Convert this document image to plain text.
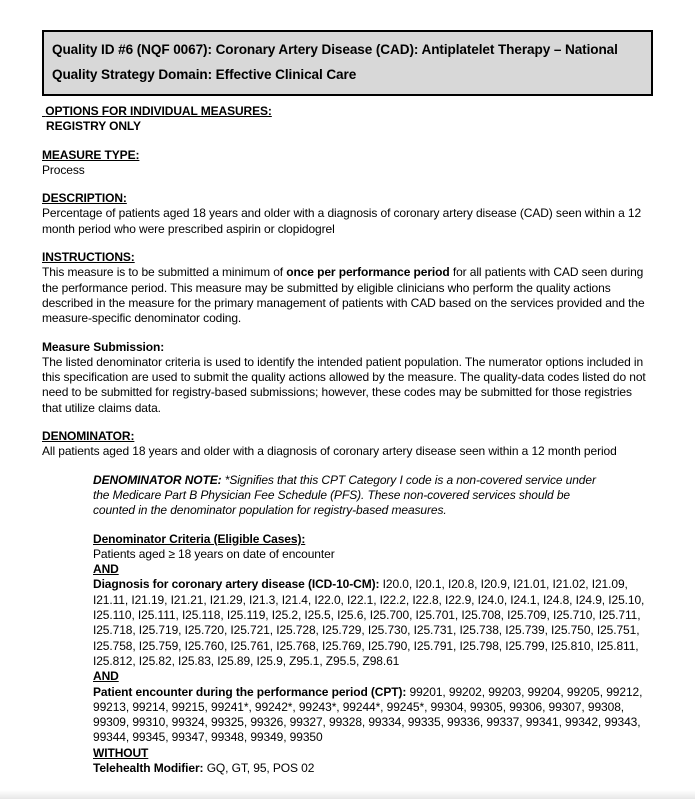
Quality ID #6 (NQF 0067): Coronary Artery Disease (CAD): Antiplatelet Therapy – National Quality Strategy Domain: Effective Clinical Care
OPTIONS FOR INDIVIDUAL MEASURES:
REGISTRY ONLY
MEASURE TYPE:
Process
DESCRIPTION:

Percentage of patients aged 18 years and older with a diagnosis of coronary artery disease (CAD) seen within a 12 month period who were prescribed aspirin or clopidogrel

INSTRUCTIONS:

This measure is to be submitted a minimum of once per performance period for all patients with CAD seen during the performance period. This measure may be submitted by eligible clinicians who perform the quality actions described in the measure for the primary management of patients with CAD based on the services provided and the measure-specific denominator coding.

Measure Submission:

The listed denominator criteria is used to identify the intended patient population. The numerator options included in this specification are used to submit the quality actions allowed by the measure. The quality-data codes listed do not need to be submitted for registry-based submissions; however, these codes may be submitted for those registries that utilize claims data.

DENOMINATOR:

All patients aged 18 years and older with a diagnosis of coronary artery disease seen within a 12 month period

DENOMINATOR NOTE: *Signifies that this CPT Category I code is a non-covered service under the Medicare Part B Physician Fee Schedule (PFS). These non-covered services should be counted in the denominator population for registry-based measures.
Denominator Criteria (Eligible Cases):
Patients aged ≥ 18 years on date of encounter
AND

Diagnosis for coronary artery disease (ICD-10-CM): I20.0, I20.1, I20.8, I20.9, I21.01, I21.02, I21.09, I21.11, I21.19, I21.21, I21.29, I21.3, I21.4, I22.0, I22.1, I22.2, I22.8, I22.9, I24.0, I24.1, I24.8, I24.9, I25.10, I25.110, I25.111, I25.118, I25.119, I25.2, I25.5, I25.6, I25.700, I25.701, I25.708, I25.709, I25.710, I25.711, I25.718, I25.719, I25.720, I25.721, I25.728, I25.729, I25.730, I25.731, I25.738, I25.739, I25.750, I25.751, I25.758, I25.759, I25.760, I25.761, I25.768, I25.769, I25.790, I25.791, I25.798, I25.799, I25.810, I25.811, I25.812, I25.82, I25.83, I25.89, I25.9, Z95.1, Z95.5, Z98.61

AND

Patient encounter during the performance period (CPT): 99201, 99202, 99203, 99204, 99205, 99212, 99213, 99214, 99215, 99241*, 99242*, 99243*, 99244*, 99245*, 99304, 99305, 99306, 99307, 99308, 99309, 99310, 99324, 99325, 99326, 99327, 99328, 99334, 99335, 99336, 99337, 99341, 99342, 99343, 99344, 99345, 99347, 99348, 99349, 99350

WITHOUT

Telehealth Modifier: GQ, GT, 95, POS 02
